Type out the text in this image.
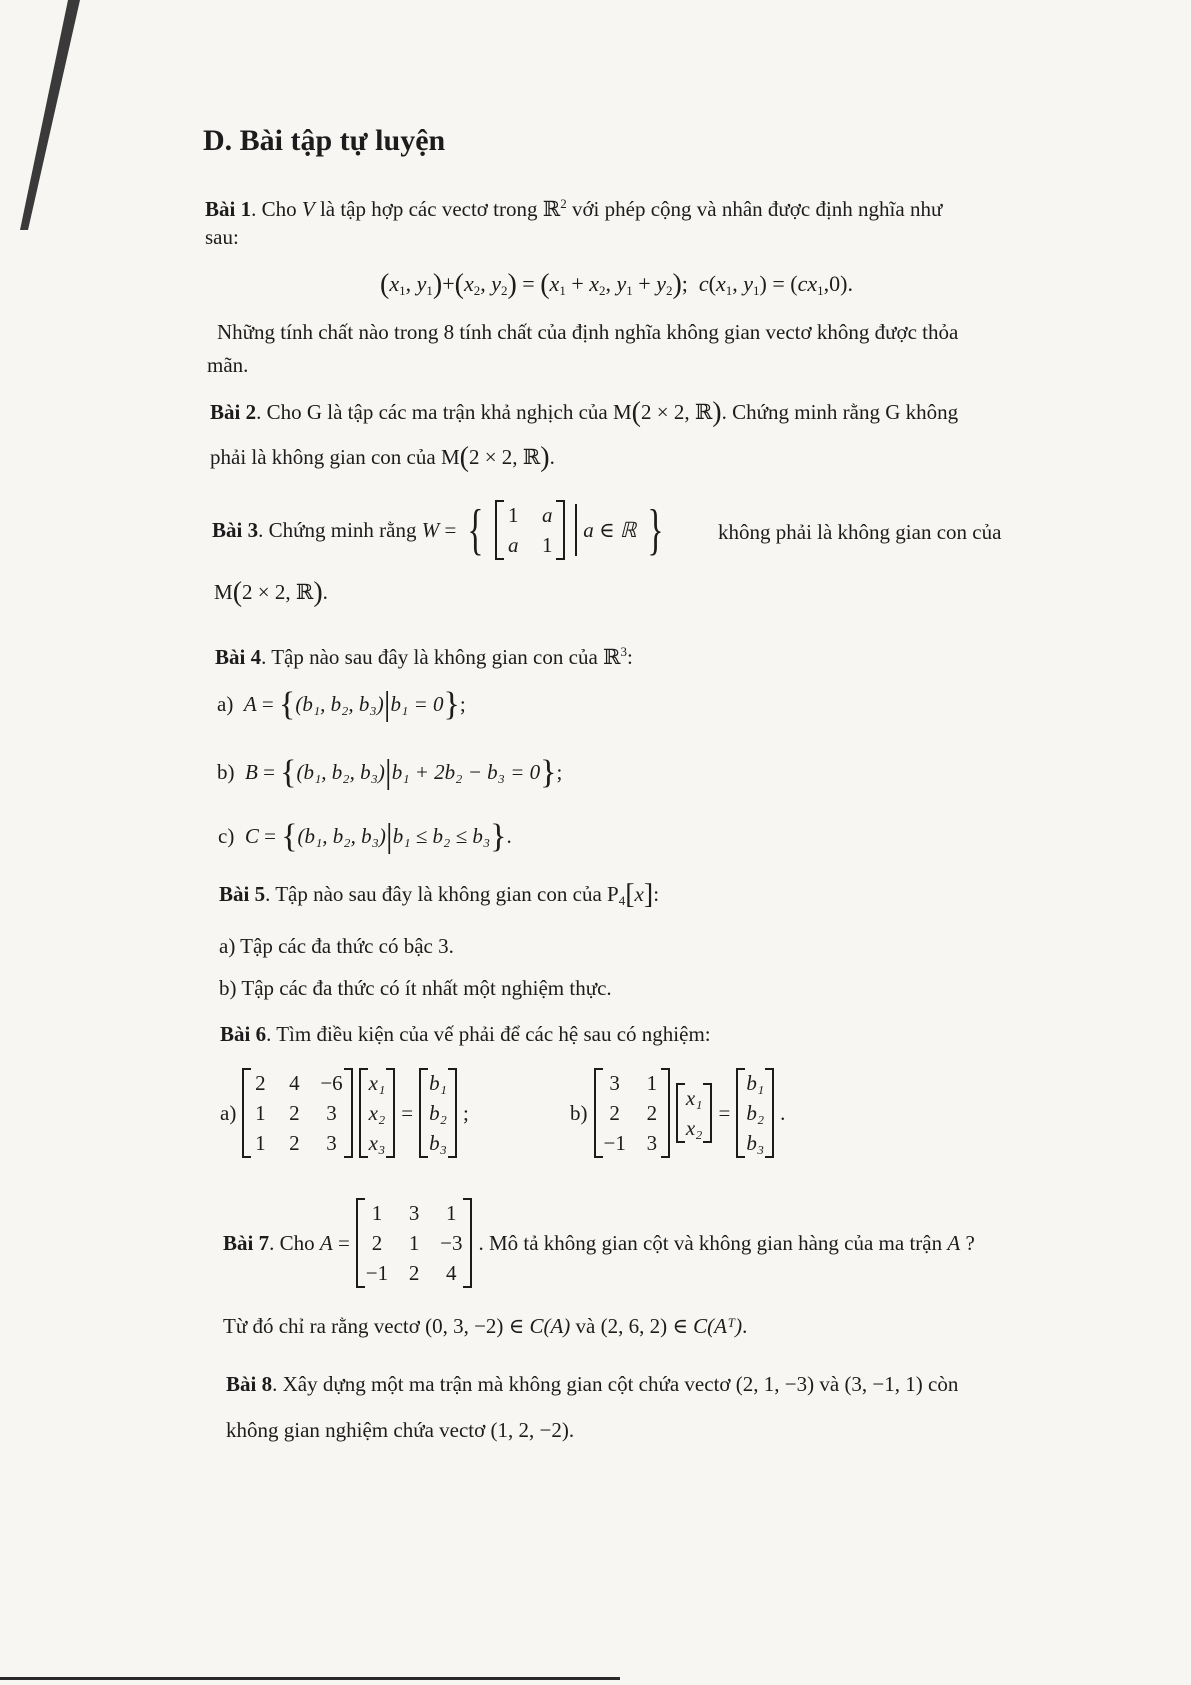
D. Bài tập tự luyện
Bài 1. Cho V là tập hợp các vectơ trong ℝ$^2$ với phép cộng và nhân được định nghĩa như
sau:
($x_1$, $y_1)+(x_2$, $y_2) = (x_1 + x_2$, $y_1 + y_2$); $c(x_1$, $y_1) = (cx_1,0)$.
Những tính chất nào trong 8 tính chất của định nghĩa không gian vectơ không được thỏa
mãn.
Bài 2. Cho G là tập các ma trận khả nghịch của M(2 × 2, ℝ). Chứng minh rằng G không
phải là không gian con của M(2 × 2, ℝ).
Bài 3. Chứng minh rằng W = { 1 a
a 1
a ∈ ℝ }	không phải là không gian con của
M(2 × 2, ℝ).
Bài 4. Tập nào sau đây là không gian con của ℝ$^3$:
a) A = {(b₁, b₂, b₃)|b₁ = 0};
b) B = {(b₁, b₂, b₃)|b₁ + 2b₂ − b₃ = 0};
c) C = {(b₁, b₂, b₃)|b₁ ≤ b₂ ≤ b₃}.
Bài 5. Tập nào sau đây là không gian con của $P_4[x]$:
a) Tập các đa thức có bậc 3.
b) Tập các đa thức có ít nhất một nghiệm thực.
Bài 6. Tìm điều kiện của vế phải để các hệ sau có nghiệm:
a)
2 4 −6
1 2 3
1 2 3
x₁
x₂
x₃
=
b₁
b₂
b₃
;	b)
3 1
2 2
−1 3
x₁
x₂
=
b₁
b₂
b₃
.
Bài 7. Cho A =
1 3 1
2 1 −3
−1 2 4
. Mô tả không gian cột và không gian hàng của ma trận A ?
Từ đó chỉ ra rằng vectơ (0, 3, −2) ∈ C(A) và (2, 6, 2) ∈ C(Aᵀ).
Bài 8. Xây dựng một ma trận mà không gian cột chứa vectơ (2, 1, −3) và (3, −1, 1) còn
không gian nghiệm chứa vectơ (1, 2, −2).
